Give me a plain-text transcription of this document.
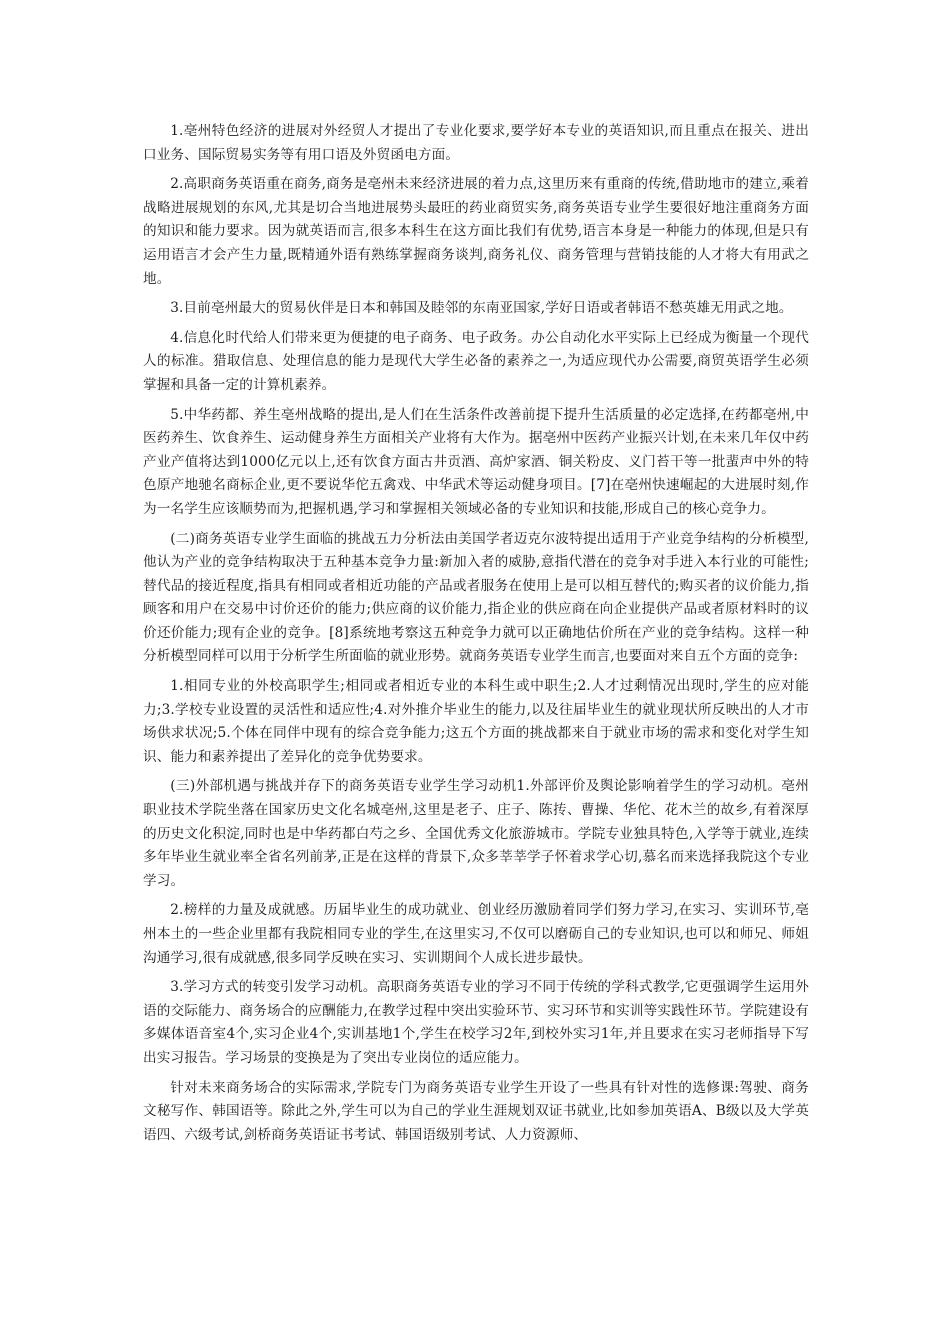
1.亳州特色经济的进展对外经贸人才提出了专业化要求,要学好本专业的英语知识,而且重点在报关、进出口业务、国际贸易实务等有用口语及外贸函电方面。

2.高职商务英语重在商务,商务是亳州未来经济进展的着力点,这里历来有重商的传统,借助地市的建立,乘着战略进展规划的东风,尤其是切合当地进展势头最旺的药业商贸实务,商务英语专业学生要很好地注重商务方面的知识和能力要求。因为就英语而言,很多本科生在这方面比我们有优势,语言本身是一种能力的体现,但是只有运用语言才会产生力量,既精通外语有熟练掌握商务谈判,商务礼仪、商务管理与营销技能的人才将大有用武之地。

3.目前亳州最大的贸易伙伴是日本和韩国及睦邻的东南亚国家,学好日语或者韩语不愁英雄无用武之地。

4.信息化时代给人们带来更为便捷的电子商务、电子政务。办公自动化水平实际上已经成为衡量一个现代人的标准。猎取信息、处理信息的能力是现代大学生必备的素养之一,为适应现代办公需要,商贸英语学生必须掌握和具备一定的计算机素养。

5.中华药都、养生亳州战略的提出,是人们在生活条件改善前提下提升生活质量的必定选择,在药都亳州,中医药养生、饮食养生、运动健身养生方面相关产业将有大作为。据亳州中医药产业振兴计划,在未来几年仅中药产业产值将达到1000亿元以上,还有饮食方面古井贡酒、高炉家酒、铜关粉皮、义门苔干等一批蜚声中外的特色原产地驰名商标企业,更不要说华佗五禽戏、中华武术等运动健身项目。[7]在亳州快速崛起的大进展时刻,作为一名学生应该顺势而为,把握机遇,学习和掌握相关领域必备的专业知识和技能,形成自己的核心竞争力。

(二)商务英语专业学生面临的挑战五力分析法由美国学者迈克尔波特提出适用于产业竞争结构的分析模型,他认为产业的竞争结构取决于五种基本竞争力量:新加入者的威胁,意指代潜在的竞争对手进入本行业的可能性;替代品的接近程度,指具有相同或者相近功能的产品或者服务在使用上是可以相互替代的;购买者的议价能力,指顾客和用户在交易中讨价还价的能力;供应商的议价能力,指企业的供应商在向企业提供产品或者原材料时的议价还价能力;现有企业的竞争。[8]系统地考察这五种竞争力就可以正确地估价所在产业的竞争结构。这样一种分析模型同样可以用于分析学生所面临的就业形势。就商务英语专业学生而言,也要面对来自五个方面的竞争:

1.相同专业的外校高职学生;相同或者相近专业的本科生或中职生;2.人才过剩情况出现时,学生的应对能力;3.学校专业设置的灵活性和适应性;4.对外推介毕业生的能力,以及往届毕业生的就业现状所反映出的人才市场供求状况;5.个体在同伴中现有的综合竞争能力;这五个方面的挑战都来自于就业市场的需求和变化对学生知识、能力和素养提出了差异化的竞争优势要求。

(三)外部机遇与挑战并存下的商务英语专业学生学习动机1.外部评价及舆论影响着学生的学习动机。亳州职业技术学院坐落在国家历史文化名城亳州,这里是老子、庄子、陈抟、曹操、华佗、花木兰的故乡,有着深厚的历史文化积淀,同时也是中华药都白芍之乡、全国优秀文化旅游城市。学院专业独具特色,入学等于就业,连续多年毕业生就业率全省名列前茅,正是在这样的背景下,众多莘莘学子怀着求学心切,慕名而来选择我院这个专业学习。

2.榜样的力量及成就感。历届毕业生的成功就业、创业经历激励着同学们努力学习,在实习、实训环节,亳州本土的一些企业里都有我院相同专业的学生,在这里实习,不仅可以磨砺自己的专业知识,也可以和师兄、师姐沟通学习,很有成就感,很多同学反映在实习、实训期间个人成长进步最快。

3.学习方式的转变引发学习动机。高职商务英语专业的学习不同于传统的学科式教学,它更强调学生运用外语的交际能力、商务场合的应酬能力,在教学过程中突出实验环节、实习环节和实训等实践性环节。学院建设有多媒体语音室4个,实习企业4个,实训基地1个,学生在校学习2年,到校外实习1年,并且要求在实习老师指导下写出实习报告。学习场景的变换是为了突出专业岗位的适应能力。

针对未来商务场合的实际需求,学院专门为商务英语专业学生开设了一些具有针对性的选修课:驾驶、商务文秘写作、韩国语等。除此之外,学生可以为自己的学业生涯规划双证书就业,比如参加英语A、B级以及大学英语四、六级考试,剑桥商务英语证书考试、韩国语级别考试、人力资源师、
